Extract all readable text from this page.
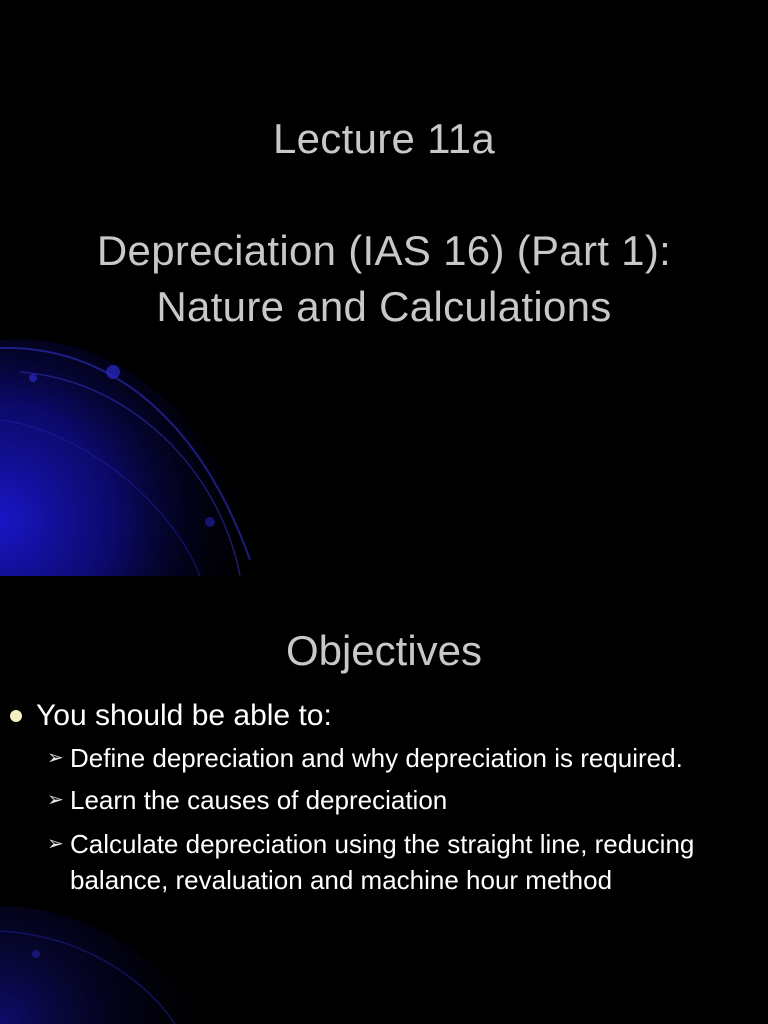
Lecture 11a
Depreciation (IAS 16) (Part 1):
Nature and Calculations
Objectives

You should be able to:

➢ Define depreciation and why depreciation is required.

➢ Learn the causes of depreciation

➢ Calculate depreciation using the straight line, reducing balance, revaluation and machine hour method
